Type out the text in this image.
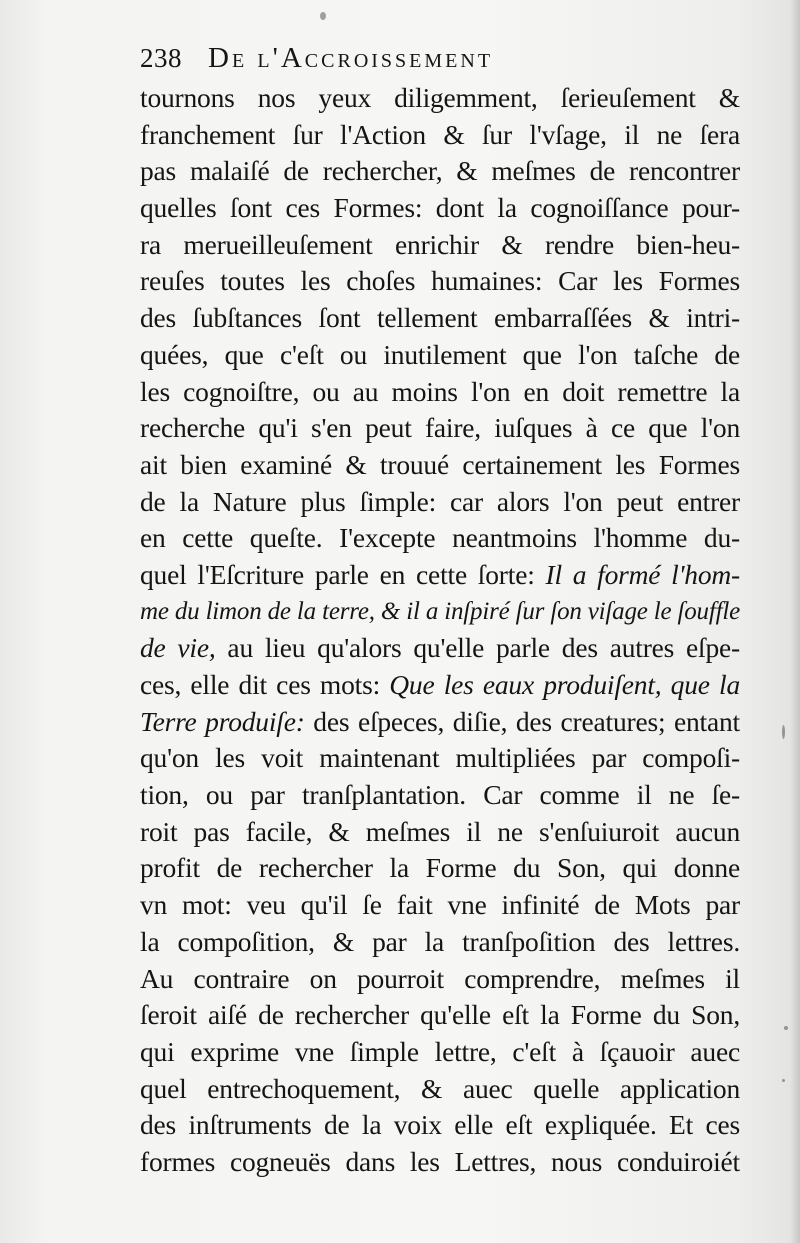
238 De l'Accroissement
tournons nos yeux diligemment, ſerieuſement &
franchement ſur l'Action & ſur l'vſage, il ne ſera
pas malaiſé de rechercher, & meſmes de rencontrer
quelles ſont ces Formes: dont la cognoiſſance pour-
ra merueilleuſement enrichir & rendre bien-heu-
reuſes toutes les choſes humaines: Car les Formes
des ſubſtances ſont tellement embarraſſées & intri-
quées, que c'eſt ou inutilement que l'on taſche de
les cognoiſtre, ou au moins l'on en doit remettre la
recherche qu'i s'en peut faire, iuſques à ce que l'on
ait bien examiné & trouué certainement les Formes
de la Nature plus ſimple: car alors l'on peut entrer
en cette queſte. I'excepte neantmoins l'homme du-
quel l'Eſcriture parle en cette ſorte: Il a formé l'hom-
me du limon de la terre, & il a inſpiré ſur ſon viſage le ſouffle
de vie, au lieu qu'alors qu'elle parle des autres eſpe-
ces, elle dit ces mots: Que les eaux produiſent, que la
Terre produiſe: des eſpeces, diſie, des creatures; entant
qu'on les voit maintenant multipliées par compoſi-
tion, ou par tranſplantation. Car comme il ne ſe-
roit pas facile, & meſmes il ne s'enſuiuroit aucun
profit de rechercher la Forme du Son, qui donne
vn mot: veu qu'il ſe fait vne infinité de Mots par
la compoſition, & par la tranſpoſition des lettres.
Au contraire on pourroit comprendre, meſmes il
ſeroit aiſé de rechercher qu'elle eſt la Forme du Son,
qui exprime vne ſimple lettre, c'eſt à ſçauoir auec
quel entrechoquement, & auec quelle application
des inſtruments de la voix elle eſt expliquée. Et ces
formes cogneuës dans les Lettres, nous conduiroiét
